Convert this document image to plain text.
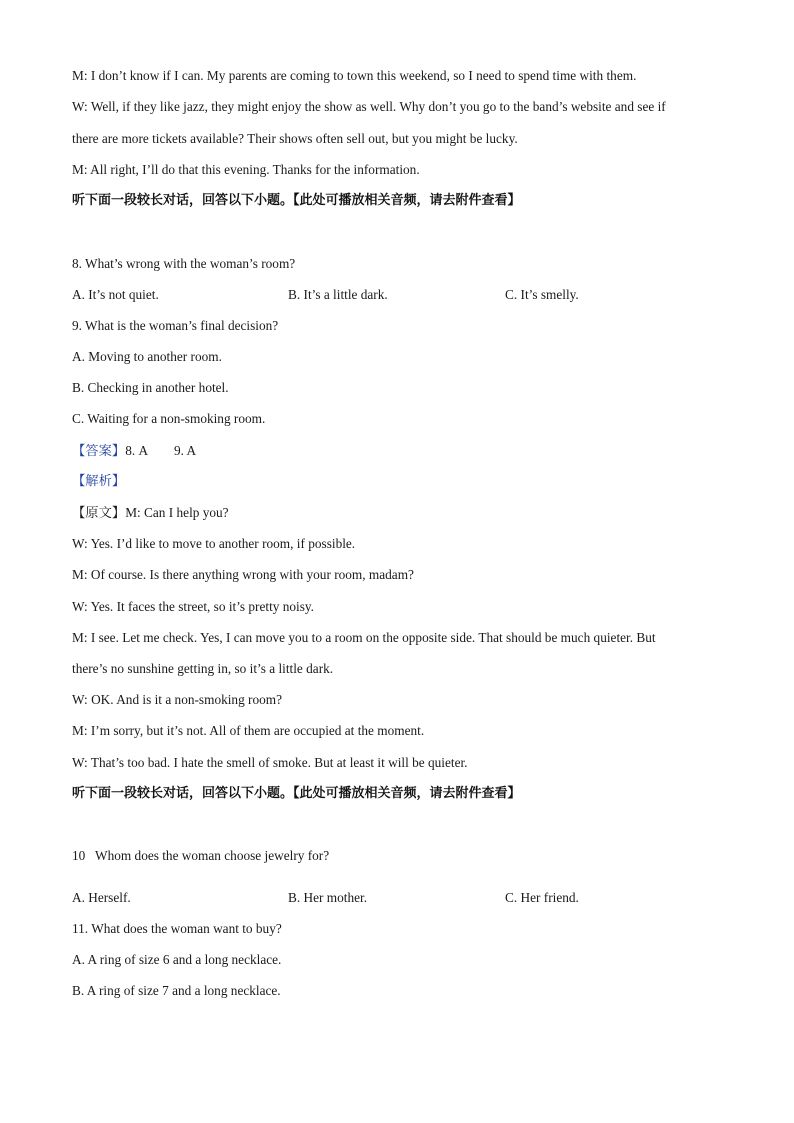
M: I don’t know if I can. My parents are coming to town this weekend, so I need to spend time with them.
W: Well, if they like jazz, they might enjoy the show as well. Why don’t you go to the band’s website and see if
there are more tickets available? Their shows often sell out, but you might be lucky.
M: All right, I’ll do that this evening. Thanks for the information.
听下面一段较长对话，回答以下小题。【此处可播放相关音频，请去附件查看】
8. What’s wrong with the woman’s room?
A. It’s not quiet.	B. It’s a little dark.	C. It’s smelly.
9. What is the woman’s final decision?
A. Moving to another room.
B. Checking in another hotel.
C. Waiting for a non-smoking room.
【答案】8. A        9. A
【解析】
【原文】M: Can I help you?
W: Yes. I’d like to move to another room, if possible.
M: Of course. Is there anything wrong with your room, madam?
W: Yes. It faces the street, so it’s pretty noisy.
M: I see. Let me check. Yes, I can move you to a room on the opposite side. That should be much quieter. But
there’s no sunshine getting in, so it’s a little dark.
W: OK. And is it a non-smoking room?
M: I’m sorry, but it’s not. All of them are occupied at the moment.
W: That’s too bad. I hate the smell of smoke. But at least it will be quieter.
听下面一段较长对话，回答以下小题。【此处可播放相关音频，请去附件查看】
10   Whom does the woman choose jewelry for?
A. Herself.	B. Her mother.	C. Her friend.
11. What does the woman want to buy?
A. A ring of size 6 and a long necklace.
B. A ring of size 7 and a long necklace.
